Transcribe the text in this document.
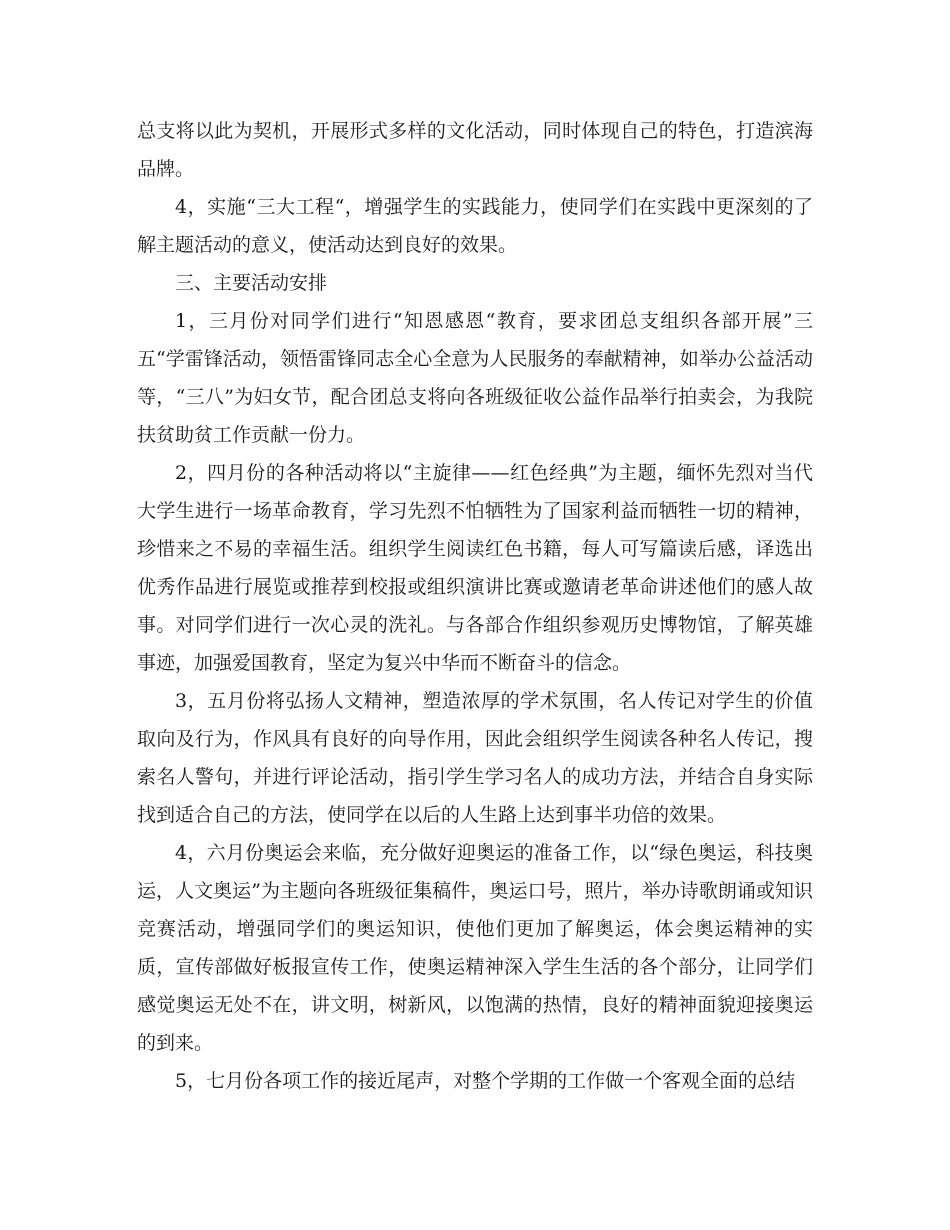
总支将以此为契机，开展形式多样的文化活动，同时体现自己的特色，打造滨海品牌。

4，实施“三大工程“，增强学生的实践能力，使同学们在实践中更深刻的了解主题活动的意义，使活动达到良好的效果。

三、主要活动安排

1，三月份对同学们进行“知恩感恩“教育，要求团总支组织各部开展”三五“学雷锋活动，领悟雷锋同志全心全意为人民服务的奉献精神，如举办公益活动等，“三八”为妇女节，配合团总支将向各班级征收公益作品举行拍卖会，为我院扶贫助贫工作贡献一份力。

2，四月份的各种活动将以“主旋律——红色经典”为主题，缅怀先烈对当代大学生进行一场革命教育，学习先烈不怕牺牲为了国家利益而牺牲一切的精神，珍惜来之不易的幸福生活。组织学生阅读红色书籍，每人可写篇读后感，译选出优秀作品进行展览或推荐到校报或组织演讲比赛或邀请老革命讲述他们的感人故事。对同学们进行一次心灵的洗礼。与各部合作组织参观历史博物馆，了解英雄事迹，加强爱国教育，坚定为复兴中华而不断奋斗的信念。

3，五月份将弘扬人文精神，塑造浓厚的学术氛围，名人传记对学生的价值取向及行为，作风具有良好的向导作用，因此会组织学生阅读各种名人传记，搜索名人警句，并进行评论活动，指引学生学习名人的成功方法，并结合自身实际找到适合自己的方法，使同学在以后的人生路上达到事半功倍的效果。

4，六月份奥运会来临，充分做好迎奥运的准备工作，以“绿色奥运，科技奥运，人文奥运”为主题向各班级征集稿件，奥运口号，照片，举办诗歌朗诵或知识竞赛活动，增强同学们的奥运知识，使他们更加了解奥运，体会奥运精神的实质，宣传部做好板报宣传工作，使奥运精神深入学生生活的各个部分，让同学们感觉奥运无处不在，讲文明，树新风，以饱满的热情，良好的精神面貌迎接奥运的到来。

5，七月份各项工作的接近尾声，对整个学期的工作做一个客观全面的总结
